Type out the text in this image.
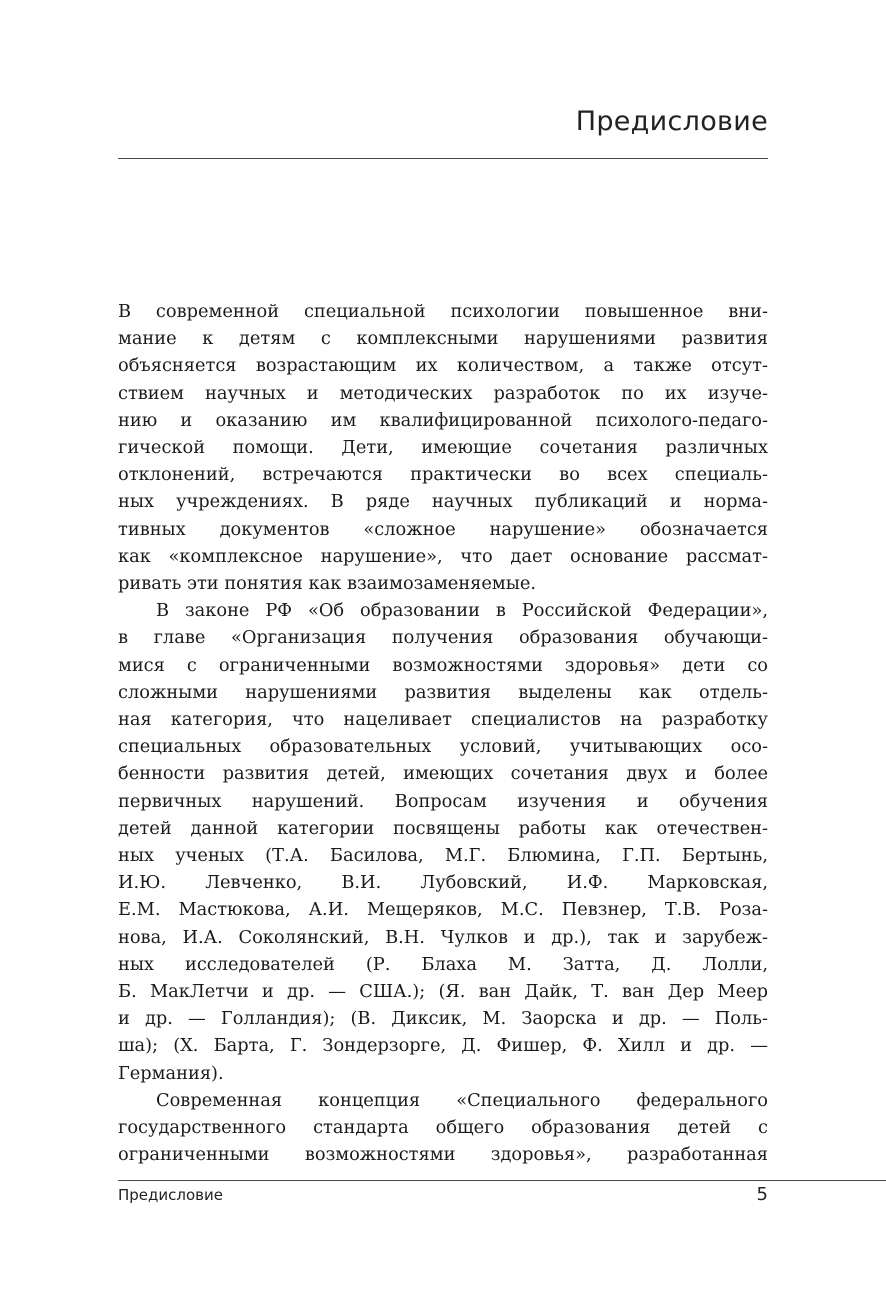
Предисловие

В современной специальной психологии повышенное вни-
мание к детям с комплексными нарушениями развития
объясняется возрастающим их количеством, а также отсут-
ствием научных и методических разработок по их изуче-
нию и оказанию им квалифицированной психолого-педаго-
гической помощи. Дети, имеющие сочетания различных
отклонений, встречаются практически во всех специаль-
ных учреждениях. В ряде научных публикаций и норма-
тивных документов «сложное нарушение» обозначается
как «комплексное нарушение», что дает основание рассмат-
ривать эти понятия как взаимозаменяемые.

В законе РФ «Об образовании в Российской Федерации»,
в главе «Организация получения образования обучающи-
мися с ограниченными возможностями здоровья» дети со
сложными нарушениями развития выделены как отдель-
ная категория, что нацеливает специалистов на разработку
специальных образовательных условий, учитывающих осо-
бенности развития детей, имеющих сочетания двух и более
первичных нарушений. Вопросам изучения и обучения
детей данной категории посвящены работы как отечествен-
ных ученых (Т.А. Басилова, М.Г. Блюмина, Г.П. Бертынь,
И.Ю. Левченко, В.И. Лубовский, И.Ф. Марковская,
Е.М. Мастюкова, А.И. Мещеряков, М.С. Певзнер, Т.В. Роза-
нова, И.А. Соколянский, В.Н. Чулков и др.), так и зарубеж-
ных исследователей (Р. Блаха М. Затта, Д. Лолли,
Б. МакЛетчи и др. — США.); (Я. ван Дайк, Т. ван Дер Меер
и др. — Голландия); (В. Диксик, М. Заорска и др. — Поль-
ша); (Х. Барта, Г. Зондерзорге, Д. Фишер, Ф. Хилл и др. —
Германия).

Современная концепция «Специального федерального
государственного стандарта общего образования детей с
ограниченными возможностями здоровья», разработанная

Предисловие	5
